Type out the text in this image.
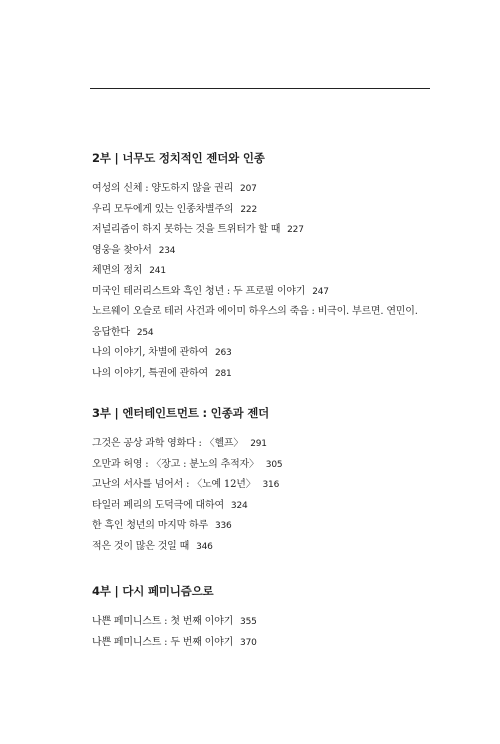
2부 | 너무도 정치적인 젠더와 인종
여성의 신체 : 양도하지 않을 권리 207
우리 모두에게 있는 인종차별주의 222
저널리즘이 하지 못하는 것을 트위터가 할 때 227
영웅을 찾아서 234
체면의 정치 241
미국인 테러리스트와 흑인 청년 : 두 프로필 이야기 247
노르웨이 오슬로 테러 사건과 에이미 하우스의 죽음 : 비극이. 부르면. 연민이.
응답한다 254
나의 이야기, 차별에 관하여 263
나의 이야기, 특권에 관하여 281
3부 | 엔터테인트먼트 : 인종과 젠더
그것은 공상 과학 영화다 : 〈헬프〉 291
오만과 허영 : 〈장고 : 분노의 추적자〉 305
고난의 서사를 넘어서 : 〈노예 12년〉 316
타일러 페리의 도덕극에 대하여 324
한 흑인 청년의 마지막 하루 336
적은 것이 많은 것일 때 346
4부 | 다시 페미니즘으로
나쁜 페미니스트 : 첫 번째 이야기 355
나쁜 페미니스트 : 두 번째 이야기 370
